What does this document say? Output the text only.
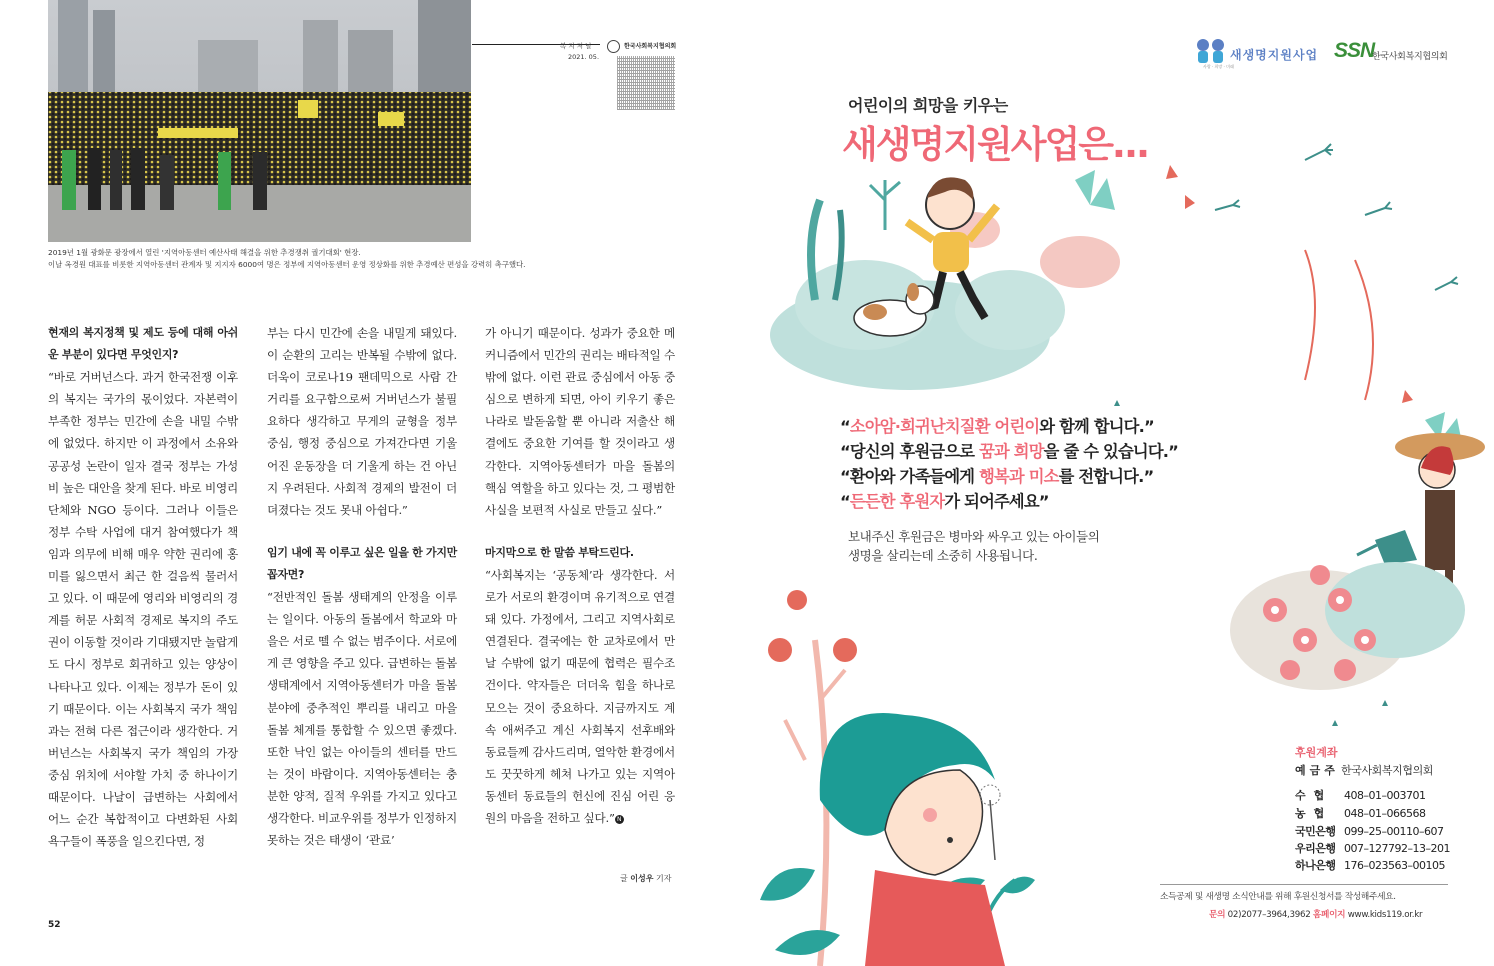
2019년 1월 광화문 광장에서 열린 '지역아동센터 예산사태 해결을 위한 추경쟁취 궐기대회' 현장.
이날 옥경원 대표를 비롯한 지역아동센터 관계자 및 지지자 6000여 명은 정부에 지역아동센터 운영 정상화를 위한 추경예산 편성을 강력히 촉구했다.
복 지 저 널
2021. 05.
한국사회복지협의회
현재의 복지정책 및 제도 등에 대해 아쉬운 부분이 있다면 무엇인지?
“바로 거버넌스다. 과거 한국전쟁 이후의 복지는 국가의 몫이었다. 자본력이 부족한 정부는 민간에 손을 내밀 수밖에 없었다. 하지만 이 과정에서 소유와 공공성 논란이 일자 결국 정부는 가성비 높은 대안을 찾게 된다. 바로 비영리단체와 NGO 등이다. 그러나 이들은 정부 수탁 사업에 대거 참여했다가 책임과 의무에 비해 매우 약한 권리에 홍미를 잃으면서 최근 한 걸음씩 물러서고 있다. 이 때문에 영리와 비영리의 경계를 허문 사회적 경제로 복지의 주도권이 이동할 것이라 기대됐지만 놀랍게도 다시 정부로 회귀하고 있는 양상이 나타나고 있다. 이제는 정부가 돈이 있기 때문이다. 이는 사회복지 국가 책임과는 전혀 다른 접근이라 생각한다. 거버넌스는 사회복지 국가 책임의 가장 중심 위치에 서야할 가치 중 하나이기 때문이다. 나날이 급변하는 사회에서 어느 순간 복합적이고 다변화된 사회 욕구들이 폭풍을 일으킨다면, 정
부는 다시 민간에 손을 내밀게 돼있다. 이 순환의 고리는 반복될 수밖에 없다. 더욱이 코로나19 팬데믹으로 사람 간 거리를 요구함으로써 거버넌스가 불필요하다 생각하고 무게의 균형을 정부 중심, 행정 중심으로 가져간다면 기울어진 운동장을 더 기울게 하는 건 아닌지 우려된다. 사회적 경제의 발전이 더뎌졌다는 것도 못내 아쉽다.”
임기 내에 꼭 이루고 싶은 일을 한 가지만 꼽자면?
“전반적인 돌봄 생태계의 안정을 이루는 일이다. 아동의 돌봄에서 학교와 마을은 서로 뗄 수 없는 범주이다. 서로에게 큰 영향을 주고 있다. 급변하는 돌봄 생태계에서 지역아동센터가 마을 돌봄분야에 중추적인 뿌리를 내리고 마을 돌봄 체계를 통합할 수 있으면 좋겠다. 또한 낙인 없는 아이들의 센터를 만드는 것이 바람이다. 지역아동센터는 충분한 양적, 질적 우위를 가지고 있다고 생각한다. 비교우위를 정부가 인정하지 못하는 것은 태생이 ‘관료’
가 아니기 때문이다. 성과가 중요한 메커니즘에서 민간의 권리는 배타적일 수밖에 없다. 이런 관료 중심에서 아동 중심으로 변하게 되면, 아이 키우기 좋은 나라로 발돋움할 뿐 아니라 저출산 해결에도 중요한 기여를 할 것이라고 생각한다. 지역아동센터가 마을 돌봄의 핵심 역할을 하고 있다는 것, 그 평범한 사실을 보편적 사실로 만들고 싶다.”
마지막으로 한 말씀 부탁드린다.
“사회복지는 ‘공동체’라 생각한다. 서로가 서로의 환경이며 유기적으로 연결돼 있다. 가정에서, 그리고 지역사회로 연결된다. 결국에는 한 교차로에서 만날 수밖에 없기 때문에 협력은 필수조건이다. 약자들은 더더욱 힘을 하나로 모으는 것이 중요하다. 지금까지도 계속 애써주고 계신 사회복지 선후배와 동료들께 감사드리며, 열악한 환경에서도 꿋꿋하게 헤쳐 나가고 있는 지역아동센터 동료들의 헌신에 진심 어린 응원의 마음을 전하고 싶다.” N
글 이성우 기자
52
새생명지원사업
사랑 · 희망 · 미래
SSN
한국사회복지협의회
어린이의 희망을 키우는
새생명지원사업은...
“소아암·희귀난치질환 어린이와 함께 합니다.”
“당신의 후원금으로 꿈과 희망을 줄 수 있습니다.”
“환아와 가족들에게 행복과 미소를 전합니다.”
“든든한 후원자가 되어주세요”
보내주신 후원금은 병마와 싸우고 있는 아이들의
생명을 살리는데 소중히 사용됩니다.
후원계좌
예금주 한국사회복지협의회
수협 408–01–003701
농협 048–01–066568
국민은행 099–25–00110–607
우리은행 007–127792–13–201
하나은행 176–023563–00105
소득공제 및 새생명 소식안내를 위해 후원신청서를 작성해주세요.
문의 02)2077–3964,3962 홈페이지 www.kids119.or.kr
